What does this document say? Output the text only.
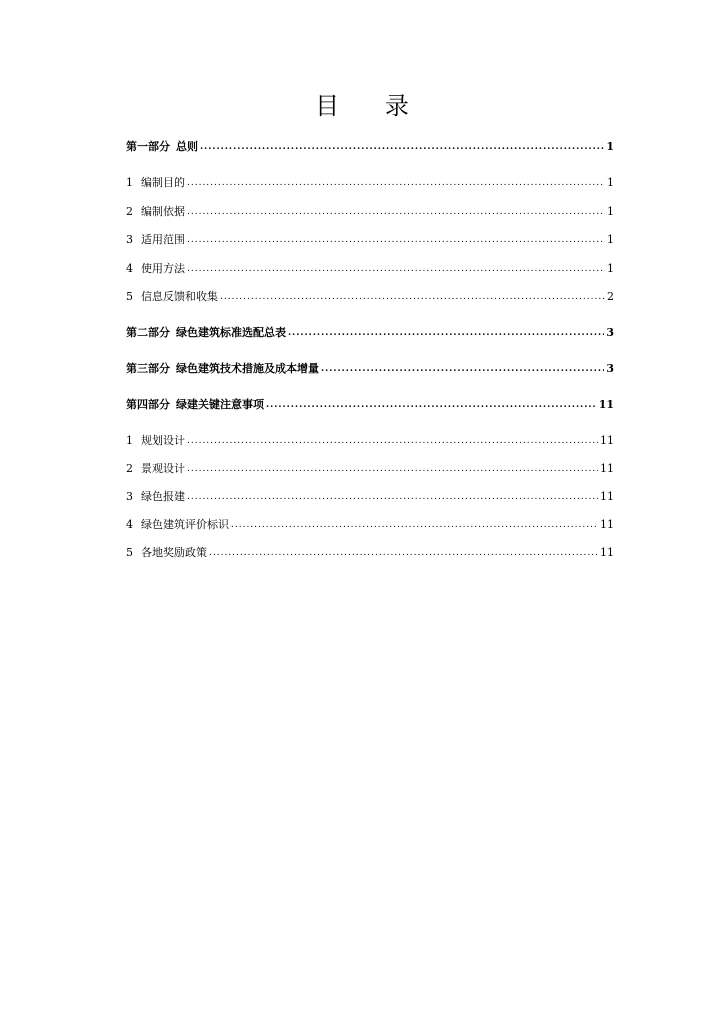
目      录
第一部分 总则 .....	1
1 编制目的 .....	1
2 编制依据 .....	1
3 适用范围 .....	1
4 使用方法 .....	1
5 信息反馈和收集 .....	2
第二部分 绿色建筑标准选配总表 .....	3
第三部分 绿色建筑技术措施及成本增量 .....	3
第四部分 绿建关键注意事项 .....	11
1 规划设计 .....	11
2 景观设计 .....	11
3 绿色报建 .....	11
4 绿色建筑评价标识 .....	11
5 各地奖励政策 .....	11
